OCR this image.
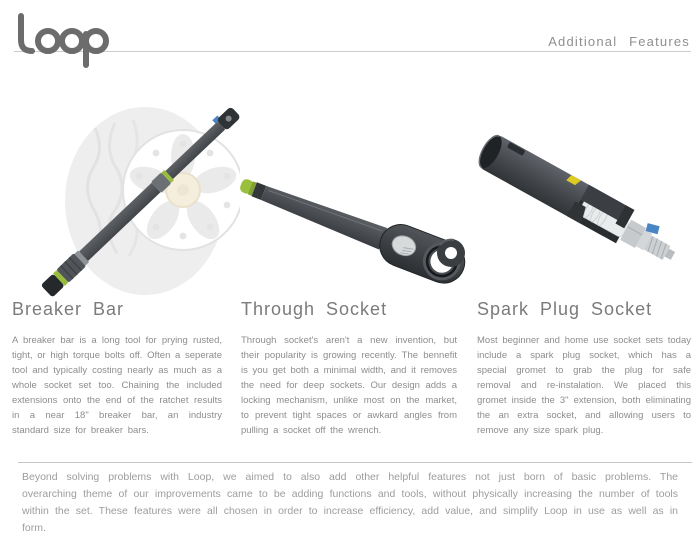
Additional Features
Breaker Bar

A breaker bar is a long tool for prying rusted, tight, or high torque bolts off. Often a seperate tool and typically costing nearly as much as a whole socket set too. Chaining the included extensions onto the end of the ratchet results in a near 18" breaker bar, an industry standard size for breaker bars.

Through Socket

Through socket's aren't a new invention, but their popularity is growing recently. The bennefit is you get both a minimal width, and it removes the need for deep sockets. Our design adds a locking mechanism, unlike most on the market, to prevent tight spaces or awkard angles from pulling a socket off the wrench.

Spark Plug Socket

Most beginner and home use socket sets today include a spark plug socket, which has a special gromet to grab the plug for safe removal and re-instalation. We placed this gromet inside the 3" extension, both eliminating the an extra socket, and allowing users to remove any size spark plug.

Beyond solving problems with Loop, we aimed to also add other helpful features not just born of basic problems. The overarching theme of our improvements came to be adding functions and tools, without physically increasing the number of tools within the set. These features were all chosen in order to increase efficiency, add value, and simplify Loop in use as well as in form.
